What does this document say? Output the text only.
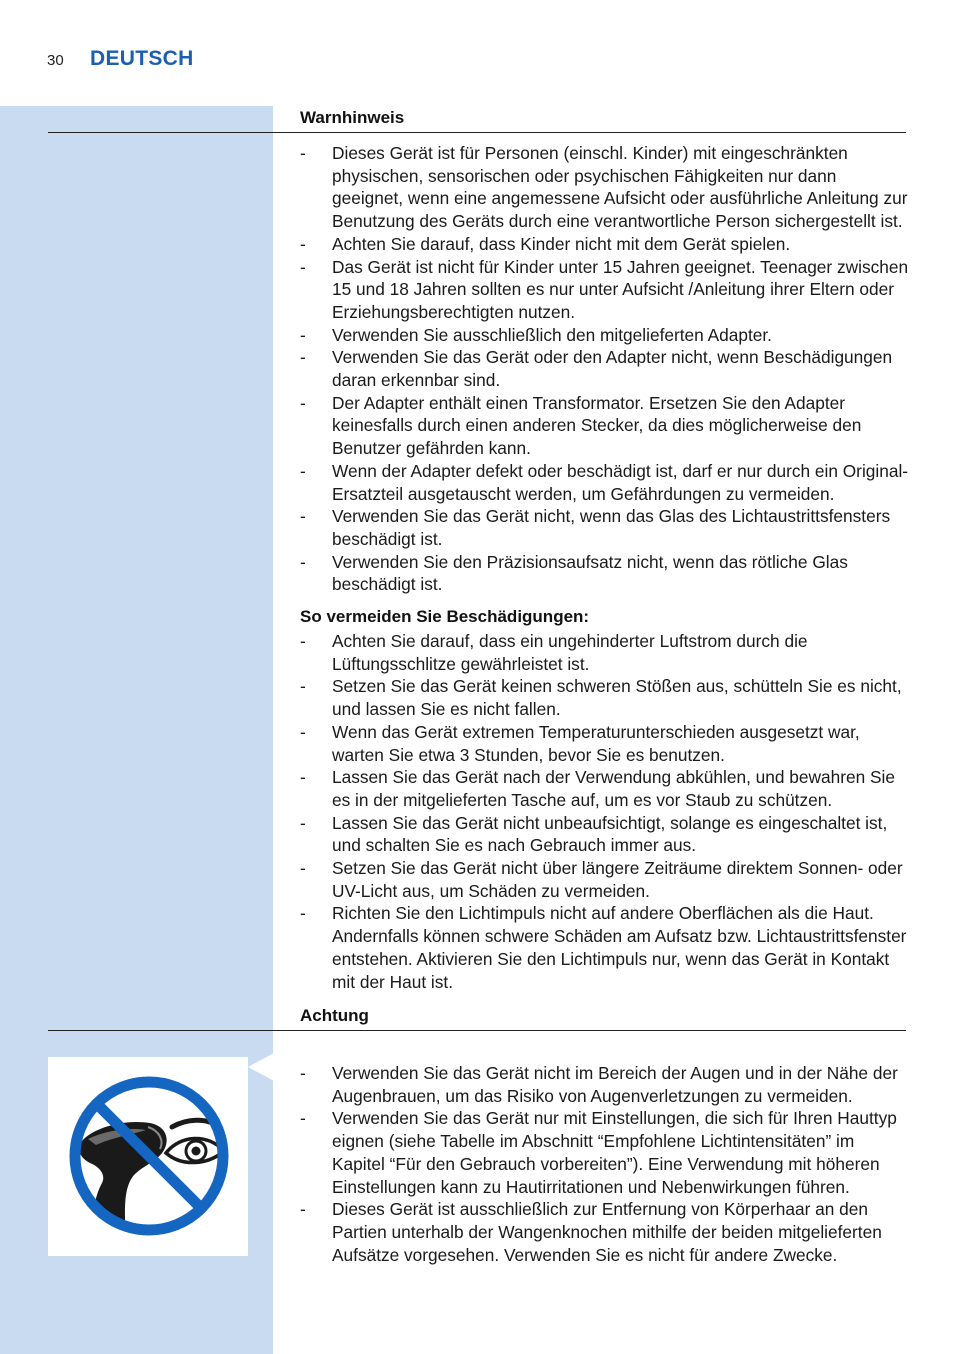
30 DEUTSCH
Warnhinweis
- Dieses Gerät ist für Personen (einschl. Kinder) mit eingeschränkten physischen, sensorischen oder psychischen Fähigkeiten nur dann geeignet, wenn eine angemessene Aufsicht oder ausführliche Anleitung zur Benutzung des Geräts durch eine verantwortliche Person sichergestellt ist.
- Achten Sie darauf, dass Kinder nicht mit dem Gerät spielen.
- Das Gerät ist nicht für Kinder unter 15 Jahren geeignet. Teenager zwischen 15 und 18 Jahren sollten es nur unter Aufsicht /Anleitung ihrer Eltern oder Erziehungsberechtigten nutzen.
- Verwenden Sie ausschließlich den mitgelieferten Adapter.
- Verwenden Sie das Gerät oder den Adapter nicht, wenn Beschädigungen daran erkennbar sind.
- Der Adapter enthält einen Transformator. Ersetzen Sie den Adapter keinesfalls durch einen anderen Stecker, da dies möglicherweise den Benutzer gefährden kann.
- Wenn der Adapter defekt oder beschädigt ist, darf er nur durch ein Original-Ersatzteil ausgetauscht werden, um Gefährdungen zu vermeiden.
- Verwenden Sie das Gerät nicht, wenn das Glas des Lichtaustrittsfensters beschädigt ist.
- Verwenden Sie den Präzisionsaufsatz nicht, wenn das rötliche Glas beschädigt ist.
So vermeiden Sie Beschädigungen:
- Achten Sie darauf, dass ein ungehinderter Luftstrom durch die Lüftungsschlitze gewährleistet ist.
- Setzen Sie das Gerät keinen schweren Stößen aus, schütteln Sie es nicht, und lassen Sie es nicht fallen.
- Wenn das Gerät extremen Temperaturunterschieden ausgesetzt war, warten Sie etwa 3 Stunden, bevor Sie es benutzen.
- Lassen Sie das Gerät nach der Verwendung abkühlen, und bewahren Sie es in der mitgelieferten Tasche auf, um es vor Staub zu schützen.
- Lassen Sie das Gerät nicht unbeaufsichtigt, solange es eingeschaltet ist, und schalten Sie es nach Gebrauch immer aus.
- Setzen Sie das Gerät nicht über längere Zeiträume direktem Sonnen- oder UV-Licht aus, um Schäden zu vermeiden.
- Richten Sie den Lichtimpuls nicht auf andere Oberflächen als die Haut. Andernfalls können schwere Schäden am Aufsatz bzw. Lichtaustrittsfenster entstehen. Aktivieren Sie den Lichtimpuls nur, wenn das Gerät in Kontakt mit der Haut ist.
Achtung
- Verwenden Sie das Gerät nicht im Bereich der Augen und in der Nähe der Augenbrauen, um das Risiko von Augenverletzungen zu vermeiden.
- Verwenden Sie das Gerät nur mit Einstellungen, die sich für Ihren Hauttyp eignen (siehe Tabelle im Abschnitt “Empfohlene Lichtintensitäten” im Kapitel “Für den Gebrauch vorbereiten”). Eine Verwendung mit höheren Einstellungen kann zu Hautirritationen und Nebenwirkungen führen.
- Dieses Gerät ist ausschließlich zur Entfernung von Körperhaar an den Partien unterhalb der Wangenknochen mithilfe der beiden mitgelieferten Aufsätze vorgesehen. Verwenden Sie es nicht für andere Zwecke.
